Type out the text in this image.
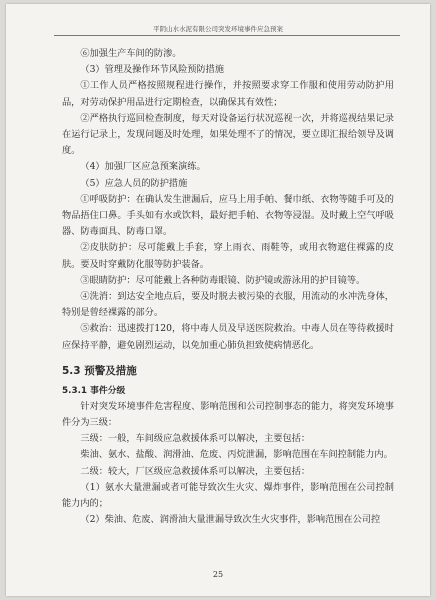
平阴山水水泥有限公司突发环境事件应急预案

⑥加强生产车间的防渗。

（3）管理及操作环节风险预防措施

①工作人员严格按照规程进行操作，并按照要求穿工作服和使用劳动防护用品，对劳动保护用品进行定期检查，以确保其有效性；

②严格执行巡回检查制度，每天对设备运行状况巡视一次，并将巡视结果记录在运行记录上，发现问题及时处理，如果处理不了的情况，要立即汇报给领导及调度。

（4）加强厂区应急预案演练。

（5）应急人员的防护措施

①呼吸防护：在确认发生泄漏后，应马上用手帕、餐巾纸、衣物等随手可及的物品捂住口鼻。手头如有水或饮料，最好把手帕、衣物等浸湿。及时戴上空气呼吸器、防毒面具、防毒口罩。

②皮肤防护：尽可能戴上手套，穿上雨衣、雨鞋等，或用衣物遮住裸露的皮肤。要及时穿戴防化服等防护装备。

③眼睛防护：尽可能戴上各种防毒眼镜、防护镜或游泳用的护目镜等。

④洗消：到达安全地点后，要及时脱去被污染的衣服，用流动的水冲洗身体，特别是曾经裸露的部分。

⑤救治：迅速拨打120，将中毒人员及早送医院救治。中毒人员在等待救援时应保持平静，避免剧烈运动，以免加重心肺负担致使病情恶化。

5.3 预警及措施

5.3.1 事件分级

针对突发环境事件危害程度、影响范围和公司控制事态的能力，将突发环境事件分为三级：

三级：一般，车间级应急救援体系可以解决，主要包括：

柴油、氨水、盐酸、润滑油、危废、丙烷泄漏，影响范围在车间控制能力内。

二级：较大，厂区级应急救援体系可以解决，主要包括：

（1）氨水大量泄漏或者可能导致次生火灾、爆炸事件，影响范围在公司控制能力内的；

（2）柴油、危废、润滑油大量泄漏导致次生火灾事件，影响范围在公司控

25
